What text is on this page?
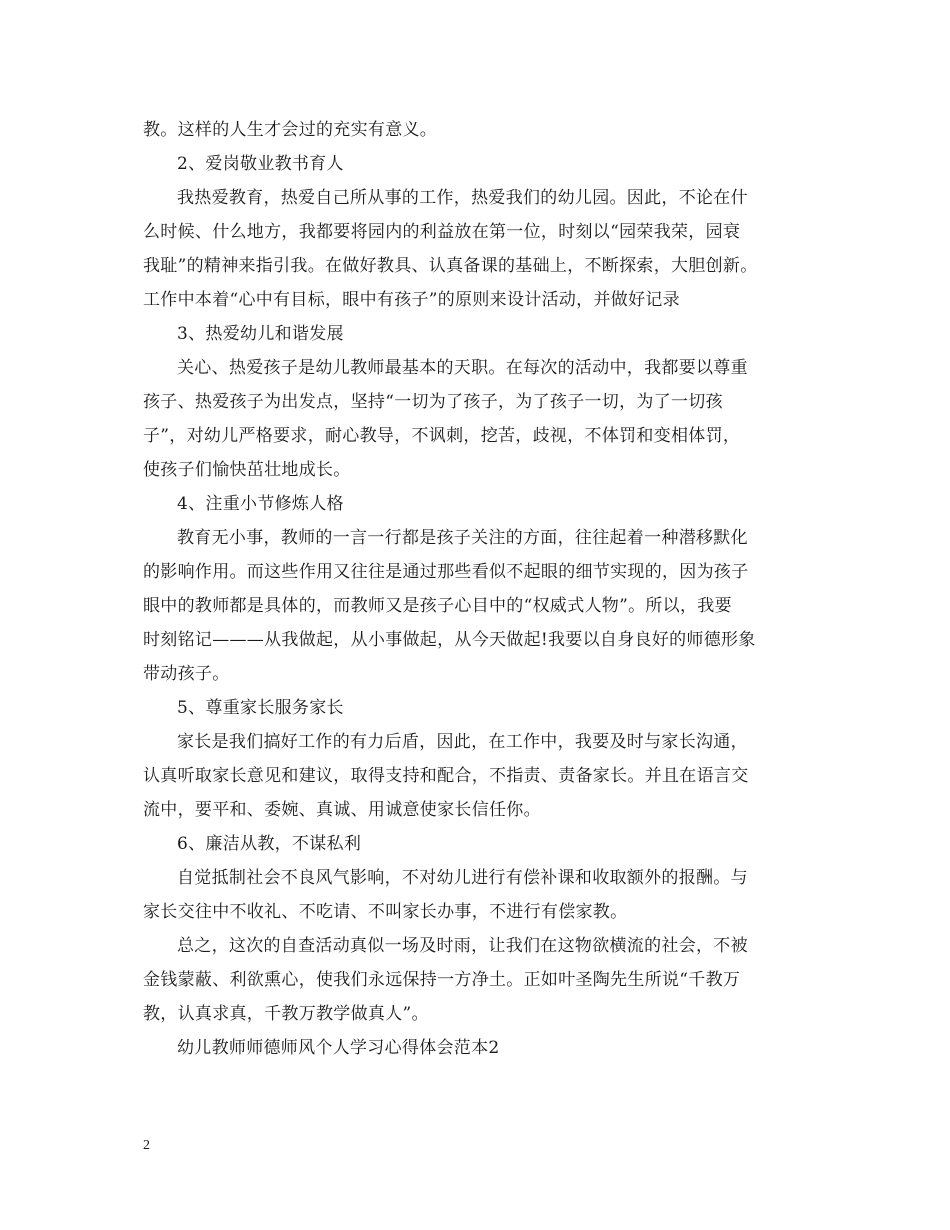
教。这样的人生才会过的充实有意义。
2、爱岗敬业教书育人
我热爱教育，热爱自己所从事的工作，热爱我们的幼儿园。因此，不论在什
么时候、什么地方，我都要将园内的利益放在第一位，时刻以“园荣我荣，园衰
我耻”的精神来指引我。在做好教具、认真备课的基础上，不断探索，大胆创新。
工作中本着“心中有目标，眼中有孩子”的原则来设计活动，并做好记录
3、热爱幼儿和谐发展
关心、热爱孩子是幼儿教师最基本的天职。在每次的活动中，我都要以尊重
孩子、热爱孩子为出发点，坚持“一切为了孩子，为了孩子一切，为了一切孩
子”，对幼儿严格要求，耐心教导，不讽刺，挖苦，歧视，不体罚和变相体罚，
使孩子们愉快茁壮地成长。
4、注重小节修炼人格
教育无小事，教师的一言一行都是孩子关注的方面，往往起着一种潜移默化
的影响作用。而这些作用又往往是通过那些看似不起眼的细节实现的，因为孩子
眼中的教师都是具体的，而教师又是孩子心目中的“权威式人物”。所以，我要
时刻铭记———从我做起，从小事做起，从今天做起!我要以自身良好的师德形象
带动孩子。
5、尊重家长服务家长
家长是我们搞好工作的有力后盾，因此，在工作中，我要及时与家长沟通，
认真听取家长意见和建议，取得支持和配合，不指责、责备家长。并且在语言交
流中，要平和、委婉、真诚、用诚意使家长信任你。
6、廉洁从教，不谋私利
自觉抵制社会不良风气影响，不对幼儿进行有偿补课和收取额外的报酬。与
家长交往中不收礼、不吃请、不叫家长办事，不进行有偿家教。
总之，这次的自查活动真似一场及时雨，让我们在这物欲横流的社会，不被
金钱蒙蔽、利欲熏心，使我们永远保持一方净土。正如叶圣陶先生所说“千教万
教，认真求真，千教万教学做真人”。
幼儿教师师德师风个人学习心得体会范本2
2
